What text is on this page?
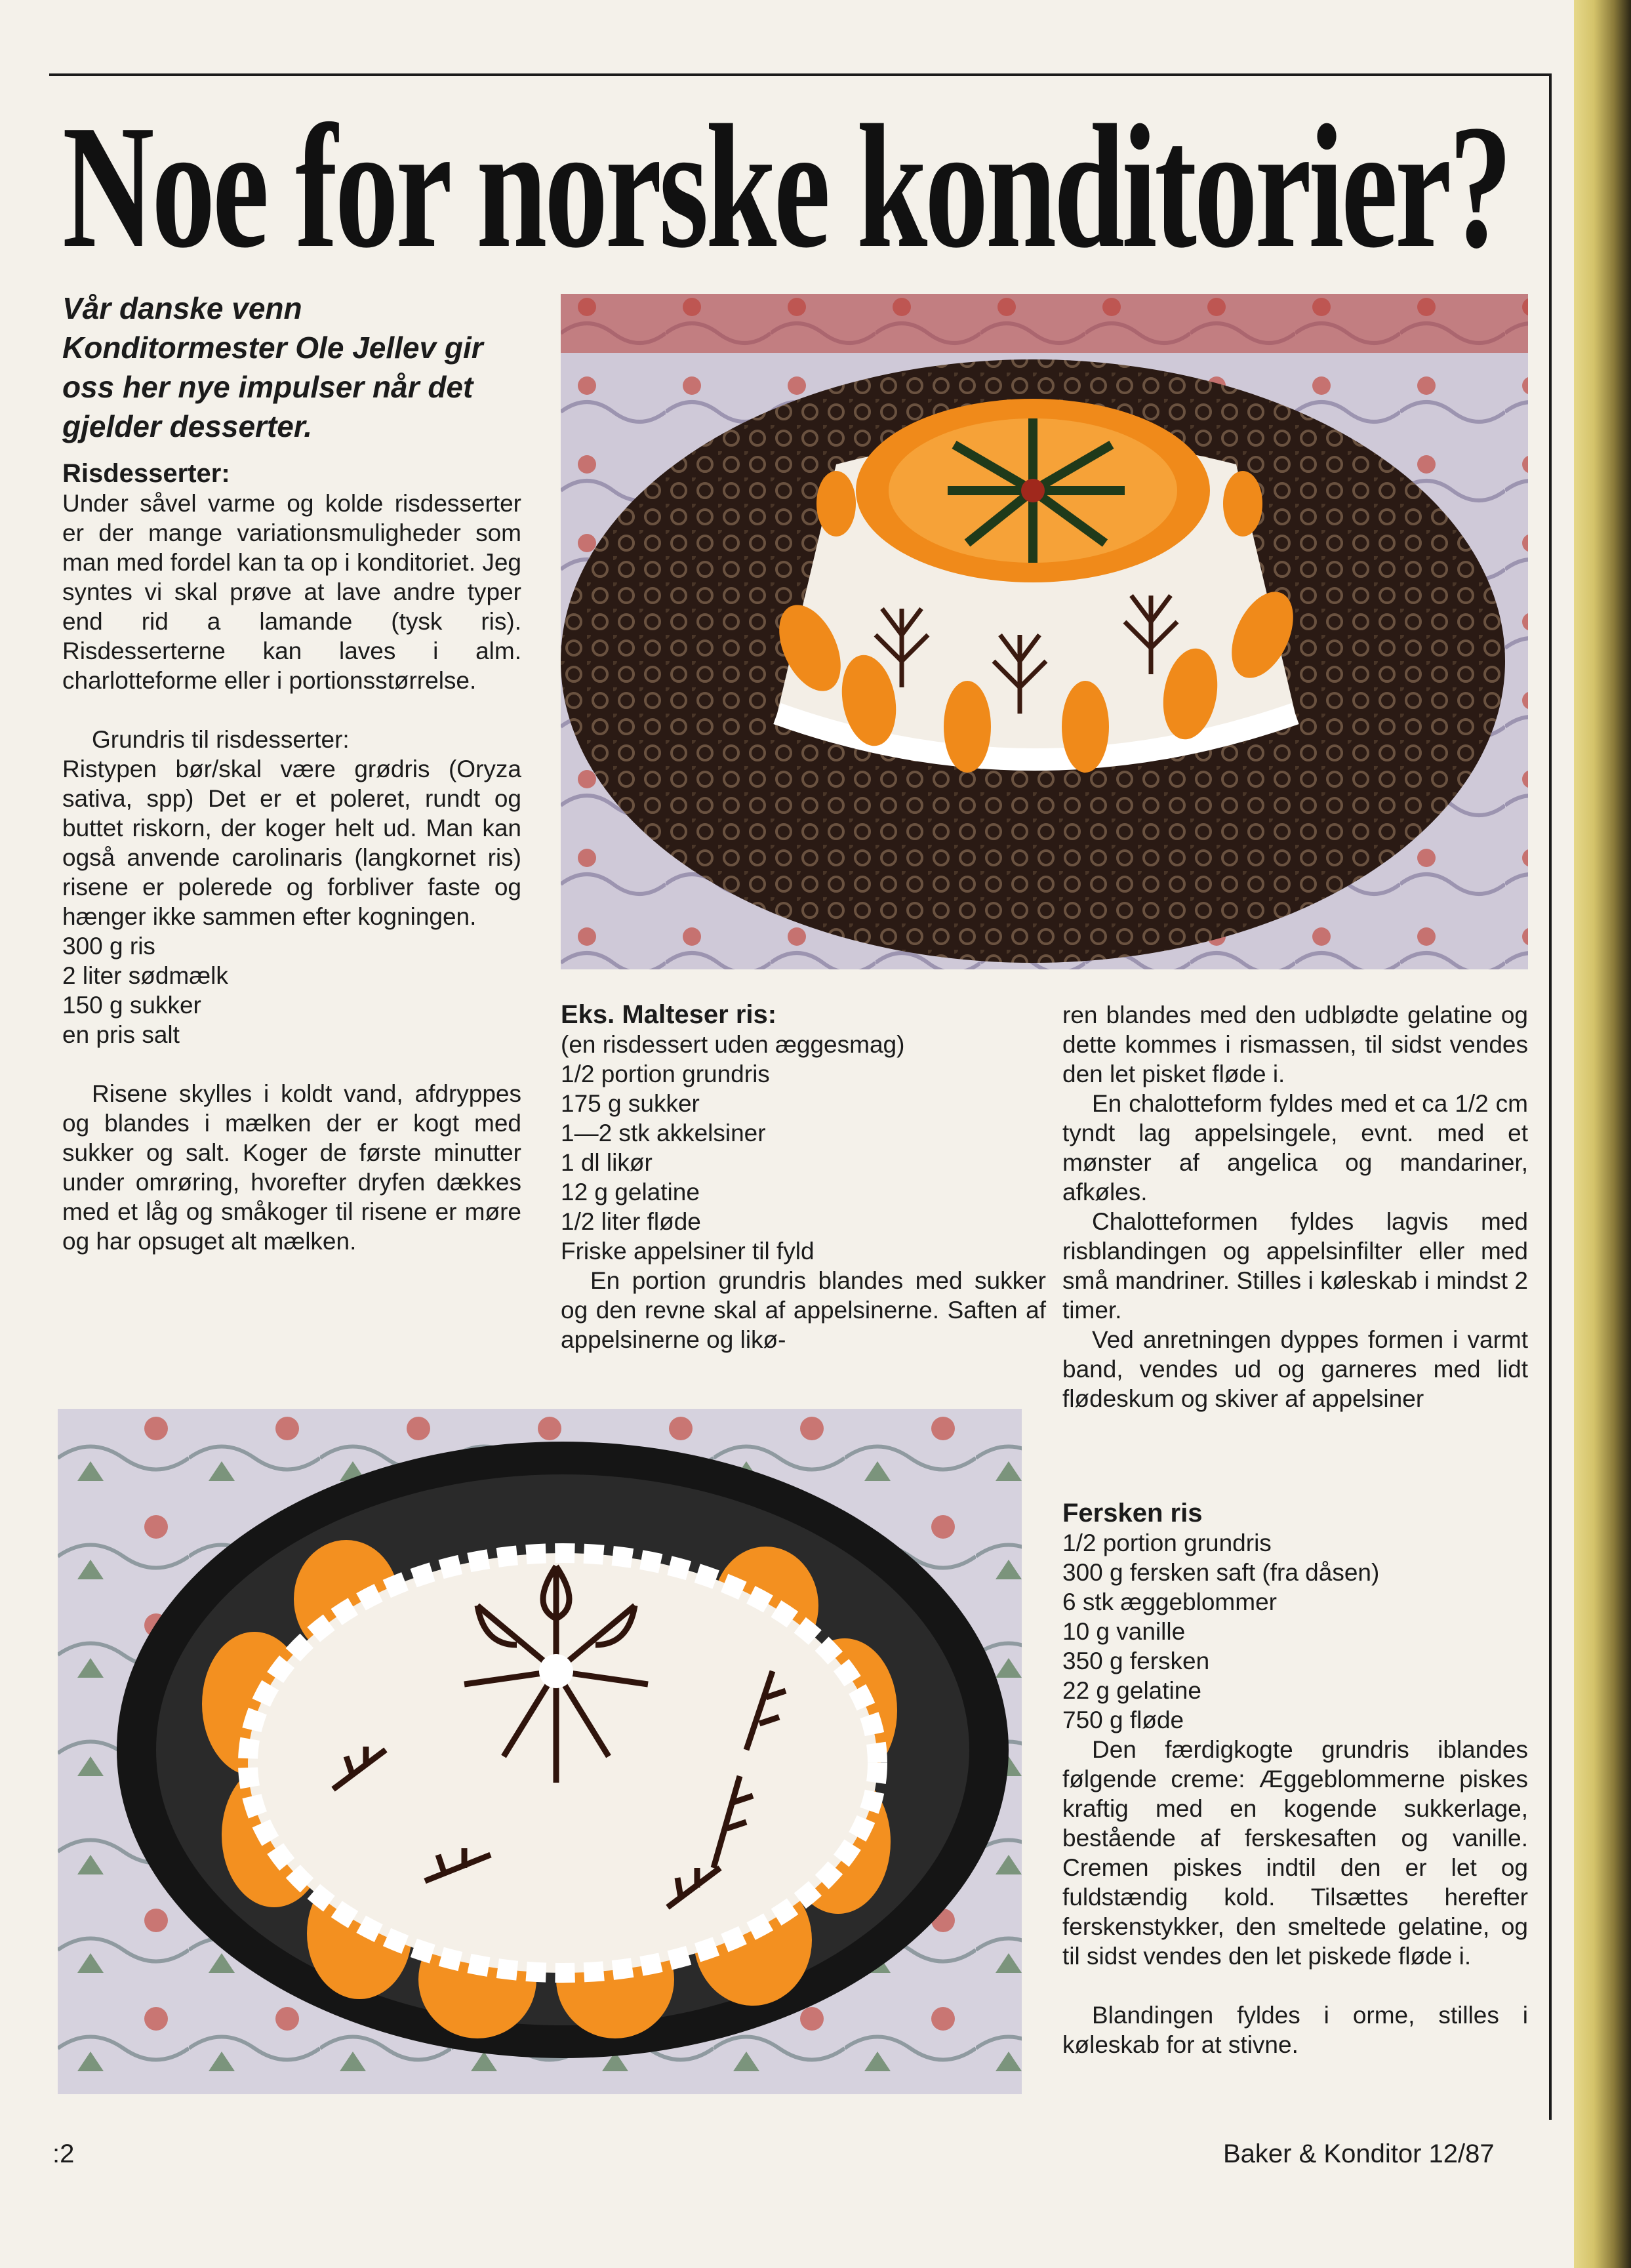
Noe for norske konditorier?

Vår danske venn Konditormester Ole Jellev gir oss her nye impulser når det gjelder desserter.

Risdesserter:

Under såvel varme og kolde risdesserter er der mange variationsmuligheder som man med fordel kan ta op i konditoriet. Jeg syntes vi skal prøve at lave andre typer end rid a lamande (tysk ris). Risdesserterne kan laves i alm. charlotteforme eller i portionsstørrelse.

Grundris til risdesserter:

Ristypen bør/skal være grødris (Oryza sativa, spp) Det er et poleret, rundt og buttet riskorn, der koger helt ud. Man kan også anvende carolinaris (langkornet ris) risene er polerede og forbliver faste og hænger ikke sammen efter kogningen.

300 g ris

2 liter sødmælk

150 g sukker

en pris salt

Risene skylles i koldt vand, afdryppes og blandes i mælken der er kogt med sukker og salt. Koger de første minutter under omrøring, hvorefter dryfen dækkes med et låg og småkoger til risene er møre og har opsuget alt mælken.

Eks. Malteser ris:

(en risdessert uden æggesmag)

1/2 portion grundris

175 g sukker

1—2 stk akkelsiner

1 dl likør

12 g gelatine

1/2 liter fløde

Friske appelsiner til fyld

En portion grundris blandes med sukker og den revne skal af appelsinerne. Saften af appelsinerne og likø-

ren blandes med den udblødte gelatine og dette kommes i rismassen, til sidst vendes den let pisket fløde i.

En chalotteform fyldes med et ca 1/2 cm tyndt lag appelsingele, evnt. med et mønster af angelica og mandariner, afkøles.

Chalotteformen fyldes lagvis med risblandingen og appelsinfilter eller med små mandriner. Stilles i køleskab i mindst 2 timer.

Ved anretningen dyppes formen i varmt band, vendes ud og garneres med lidt flødeskum og skiver af appelsiner

Fersken ris

1/2 portion grundris

300 g fersken saft (fra dåsen)

6 stk æggeblommer

10 g vanille

350 g fersken

22 g gelatine

750 g fløde

Den færdigkogte grundris iblandes følgende creme: Æggeblommerne piskes kraftig med en kogende sukkerlage, bestående af ferskesaften og vanille. Cremen piskes indtil den er let og fuldstændig kold. Tilsættes herefter ferskenstykker, den smeltede gelatine, og til sidst vendes den let piskede fløde i.

Blandingen fyldes i orme, stilles i køleskab for at stivne.

:2	Baker & Konditor 12/87
